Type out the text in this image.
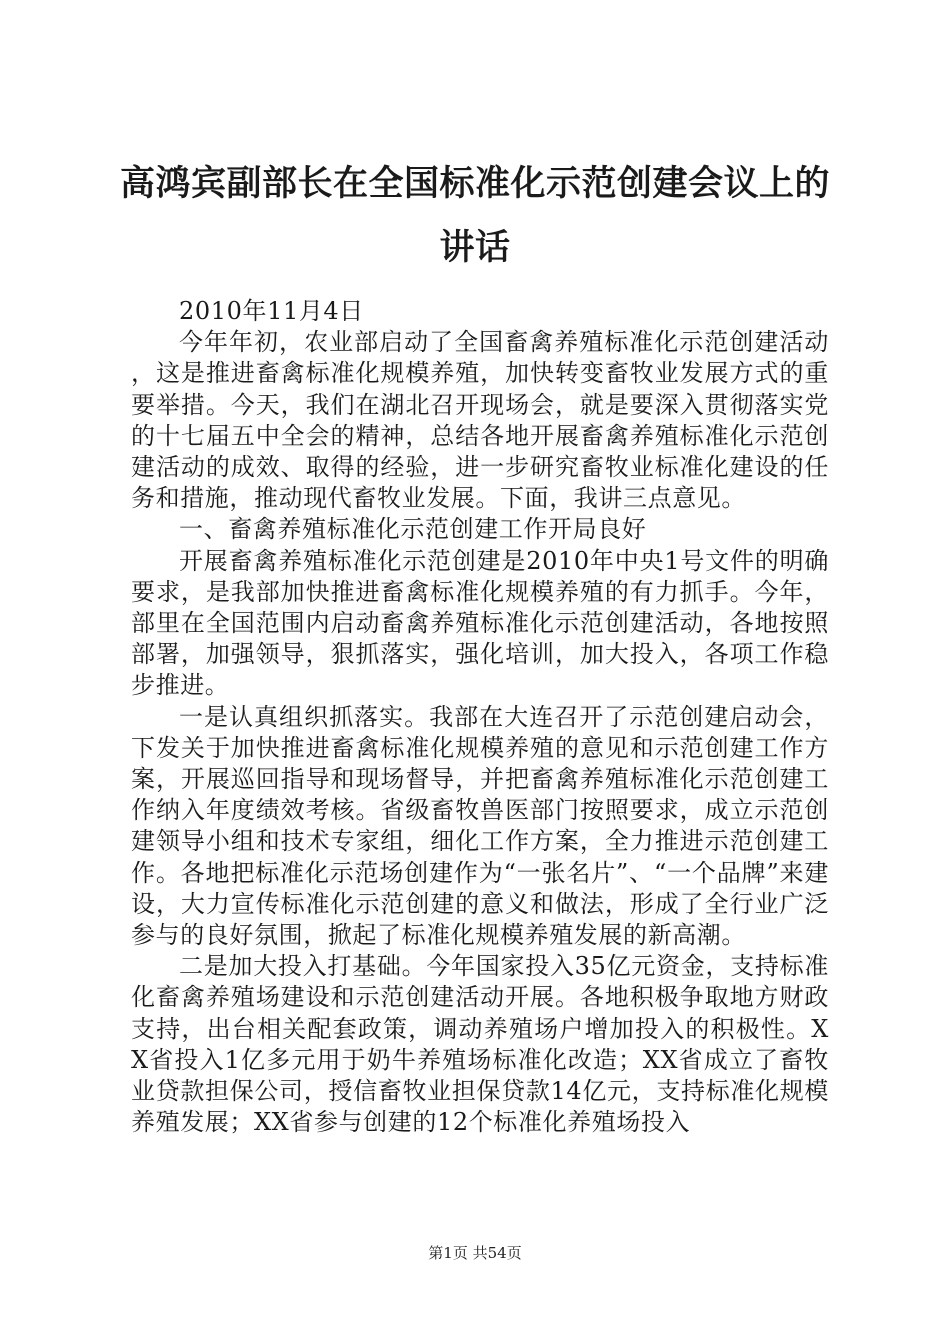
高鸿宾副部长在全国标准化示范创建会议上的
讲话

2010年11月4日

今年年初，农业部启动了全国畜禽养殖标准化示范创建活动，这是推进畜禽标准化规模养殖，加快转变畜牧业发展方式的重要举措。今天，我们在湖北召开现场会，就是要深入贯彻落实党的十七届五中全会的精神，总结各地开展畜禽养殖标准化示范创建活动的成效、取得的经验，进一步研究畜牧业标准化建设的任务和措施，推动现代畜牧业发展。下面，我讲三点意见。

一、畜禽养殖标准化示范创建工作开局良好

开展畜禽养殖标准化示范创建是2010年中央1号文件的明确要求，是我部加快推进畜禽标准化规模养殖的有力抓手。今年，部里在全国范围内启动畜禽养殖标准化示范创建活动，各地按照部署，加强领导，狠抓落实，强化培训，加大投入，各项工作稳步推进。

一是认真组织抓落实。我部在大连召开了示范创建启动会，下发关于加快推进畜禽标准化规模养殖的意见和示范创建工作方案，开展巡回指导和现场督导，并把畜禽养殖标准化示范创建工作纳入年度绩效考核。省级畜牧兽医部门按照要求，成立示范创建领导小组和技术专家组，细化工作方案，全力推进示范创建工作。各地把标准化示范场创建作为“一张名片”、“一个品牌”来建设，大力宣传标准化示范创建的意义和做法，形成了全行业广泛参与的良好氛围，掀起了标准化规模养殖发展的新高潮。

二是加大投入打基础。今年国家投入35亿元资金，支持标准化畜禽养殖场建设和示范创建活动开展。各地积极争取地方财政支持，出台相关配套政策，调动养殖场户增加投入的积极性。XX省投入1亿多元用于奶牛养殖场标准化改造；XX省成立了畜牧业贷款担保公司，授信畜牧业担保贷款14亿元，支持标准化规模养殖发展；XX省参与创建的12个标准化养殖场投入

第1页 共54页
